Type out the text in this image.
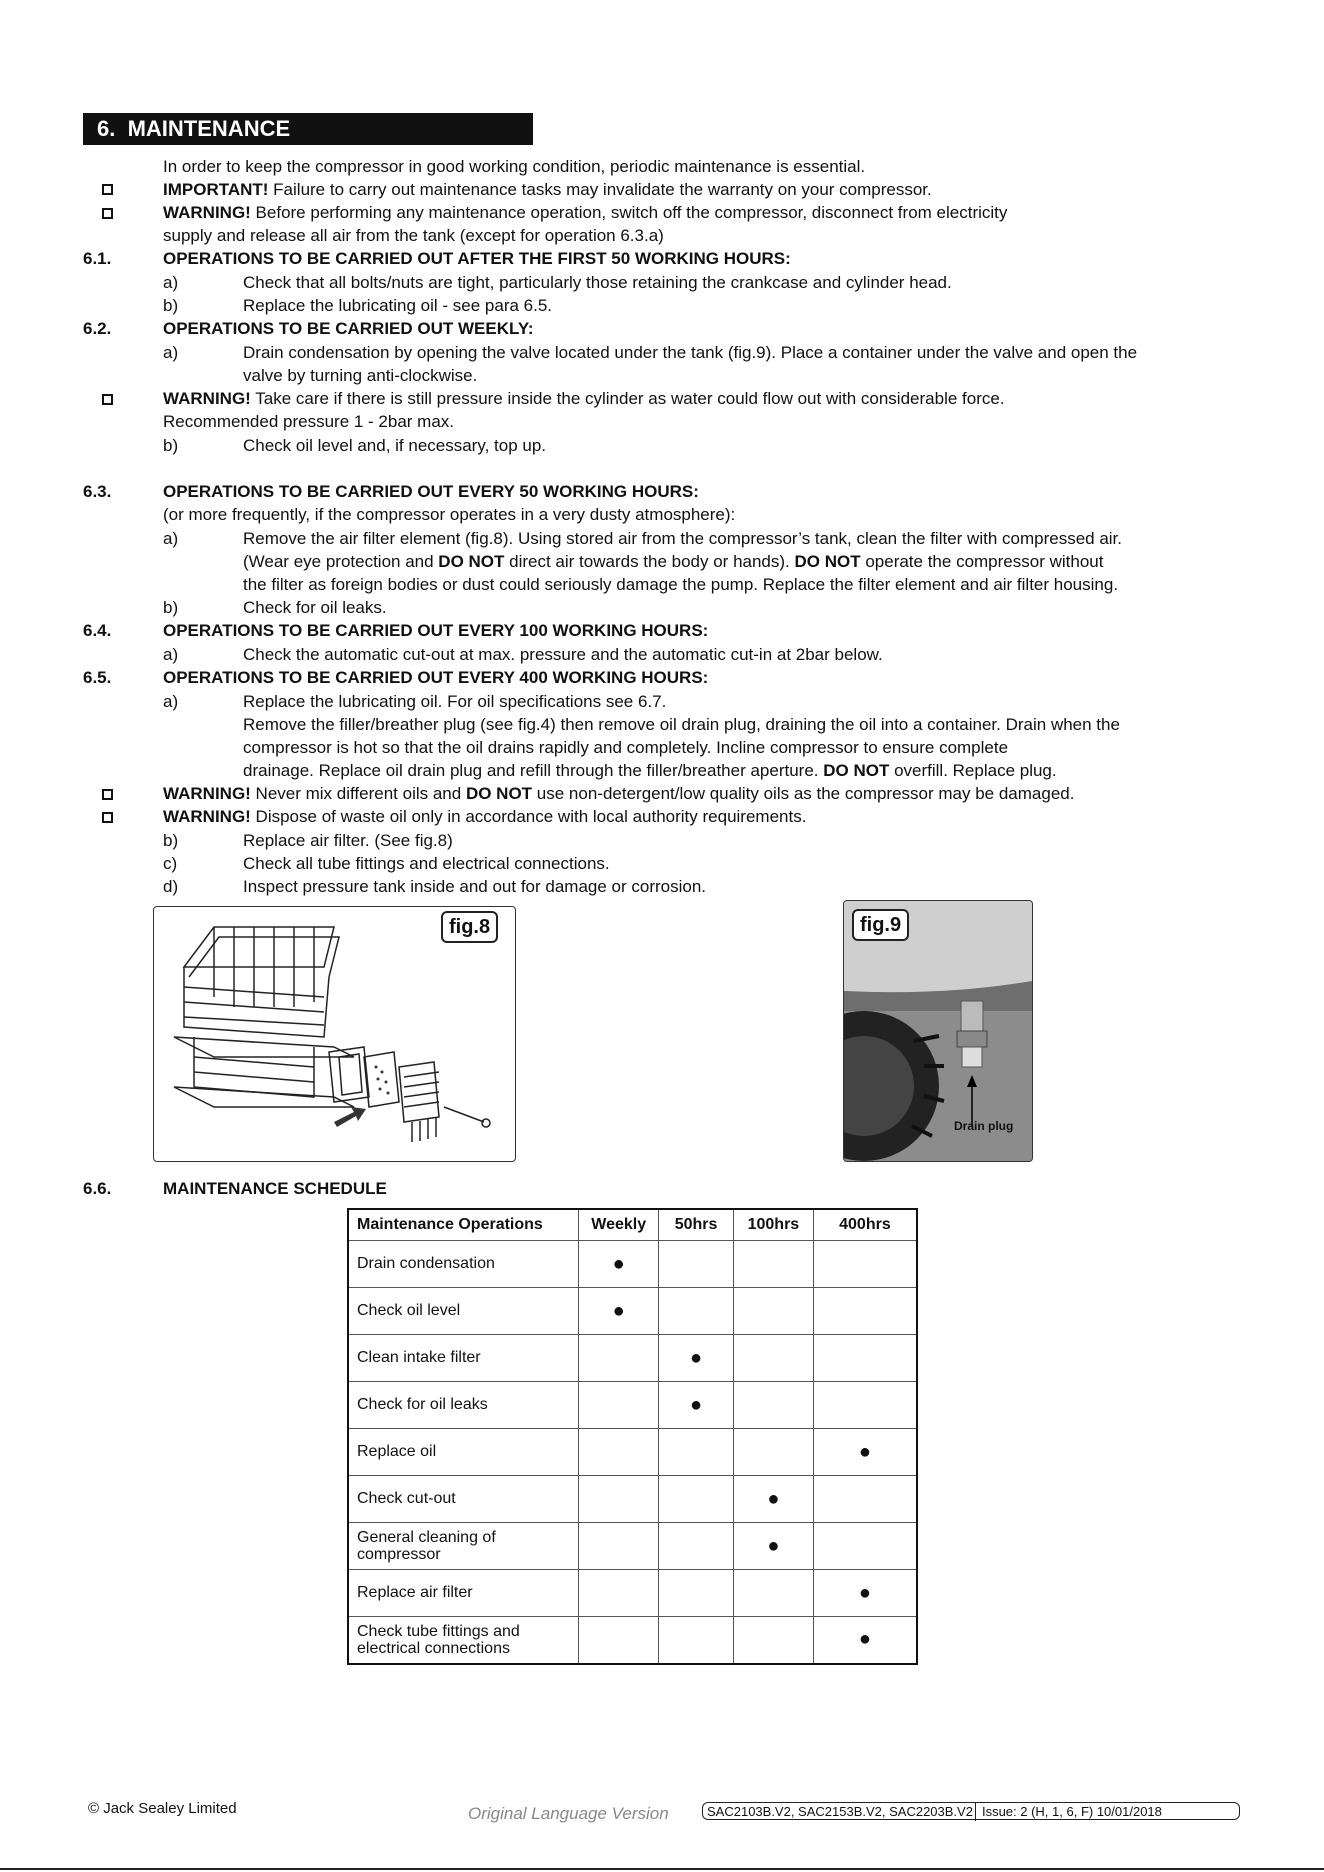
6. MAINTENANCE
In order to keep the compressor in good working condition, periodic maintenance is essential.
IMPORTANT! Failure to carry out maintenance tasks may invalidate the warranty on your compressor.
WARNING! Before performing any maintenance operation, switch off the compressor, disconnect from electricity
supply and release all air from the tank (except for operation 6.3.a)
6.1.	OPERATIONS TO BE CARRIED OUT AFTER THE FIRST 50 WORKING HOURS:
a)	Check that all bolts/nuts are tight, particularly those retaining the crankcase and cylinder head.
b)	Replace the lubricating oil - see para 6.5.
6.2.	OPERATIONS TO BE CARRIED OUT WEEKLY:
a)	Drain condensation by opening the valve located under the tank (fig.9). Place a container under the valve and open the
valve by turning anti-clockwise.
WARNING! Take care if there is still pressure inside the cylinder as water could flow out with considerable force.
Recommended pressure 1 - 2bar max.
b)	Check oil level and, if necessary, top up.
6.3.	OPERATIONS TO BE CARRIED OUT EVERY 50 WORKING HOURS:
(or more frequently, if the compressor operates in a very dusty atmosphere):
a)	Remove the air filter element (fig.8). Using stored air from the compressor’s tank, clean the filter with compressed air.
(Wear eye protection and DO NOT direct air towards the body or hands). DO NOT operate the compressor without
the filter as foreign bodies or dust could seriously damage the pump. Replace the filter element and air filter housing.
b)	Check for oil leaks.
6.4.	OPERATIONS TO BE CARRIED OUT EVERY 100 WORKING HOURS:
a)	Check the automatic cut-out at max. pressure and the automatic cut-in at 2bar below.
6.5.	OPERATIONS TO BE CARRIED OUT EVERY 400 WORKING HOURS:
a)	Replace the lubricating oil. For oil specifications see 6.7.
Remove the filler/breather plug (see fig.4) then remove oil drain plug, draining the oil into a container. Drain when the
compressor is hot so that the oil drains rapidly and completely. Incline compressor to ensure complete
drainage. Replace oil drain plug and refill through the filler/breather aperture. DO NOT overfill. Replace plug.
WARNING! Never mix different oils and DO NOT use non-detergent/low quality oils as the compressor may be damaged.
WARNING! Dispose of waste oil only in accordance with local authority requirements.
b)	Replace air filter. (See fig.8)
c)	Check all tube fittings and electrical connections.
d)	Inspect pressure tank inside and out for damage or corrosion.
fig.8	fig.9
Drain plug
6.6.	MAINTENANCE SCHEDULE
Maintenance Operations	Weekly	50hrs	100hrs	400hrs
Drain condensation	●			
Check oil level	●			
Clean intake filter		●		
Check for oil leaks		●		
Replace oil				●
Check cut-out			●	
General cleaning of compressor			●	
Replace air filter				●
Check tube fittings and electrical connections				●
© Jack Sealey Limited	Original Language Version	SAC2103B.V2, SAC2153B.V2, SAC2203B.V2 Issue: 2 (H, 1, 6, F) 10/01/2018
